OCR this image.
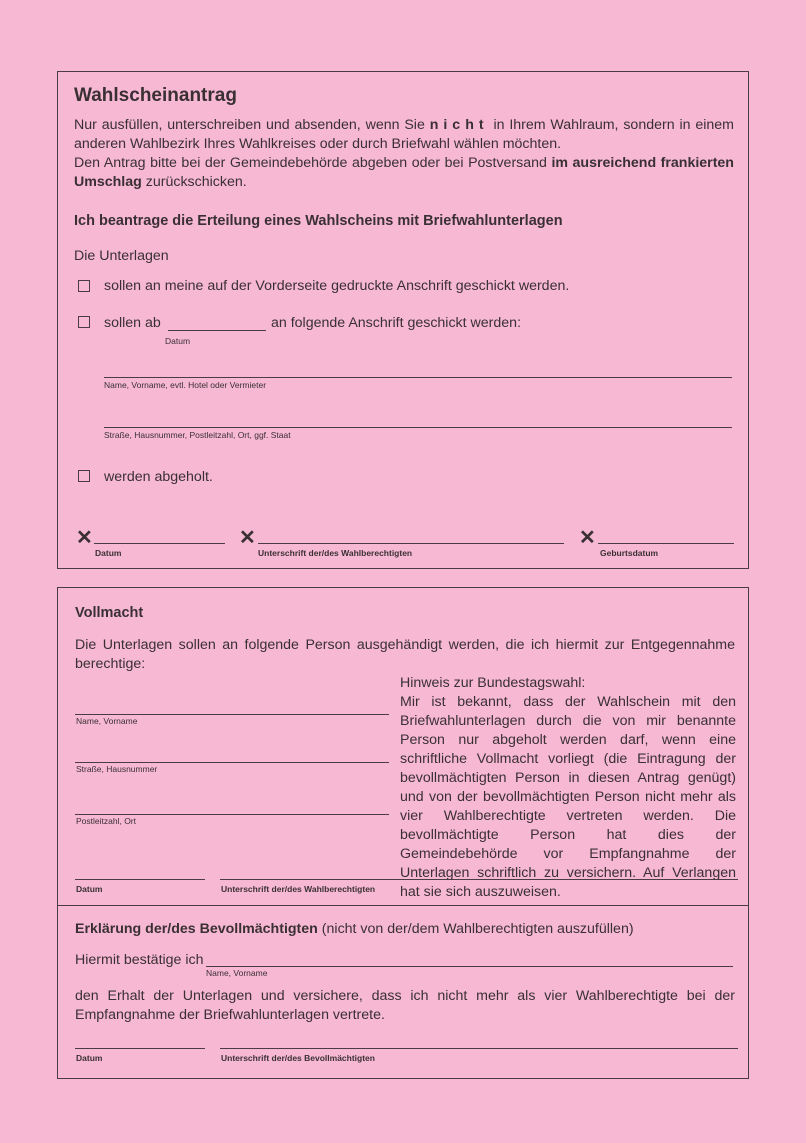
Wahlscheinantrag
Nur ausfüllen, unterschreiben und absenden, wenn Sie nicht in Ihrem Wahlraum, sondern in einem anderen Wahlbezirk Ihres Wahlkreises oder durch Briefwahl wählen möchten.
Den Antrag bitte bei der Gemeindebehörde abgeben oder bei Postversand im ausreichend frankierten Umschlag zurückschicken.
Ich beantrage die Erteilung eines Wahlscheins mit Briefwahlunterlagen
Die Unterlagen
sollen an meine auf der Vorderseite gedruckte Anschrift geschickt werden.
sollen ab
Datum
an folgende Anschrift geschickt werden:
Name, Vorname, evtl. Hotel oder Vermieter
Straße, Hausnummer, Postleitzahl, Ort, ggf. Staat
werden abgeholt.
✕
Datum
✕
Unterschrift der/des Wahlberechtigten
✕
Geburtsdatum
Vollmacht
Die Unterlagen sollen an folgende Person ausgehändigt werden, die ich hiermit zur Entgegennahme berechtige:
Name, Vorname
Straße, Hausnummer
Postleitzahl, Ort
Hinweis zur Bundestagswahl:
Mir ist bekannt, dass der Wahlschein mit den Briefwahlunterlagen durch die von mir benannte Person nur abgeholt werden darf, wenn eine schriftliche Vollmacht vorliegt (die Eintragung der bevollmächtigten Person in diesen Antrag genügt) und von der bevollmächtigten Person nicht mehr als vier Wahlberechtigte vertreten werden. Die bevollmächtigte Person hat dies der Gemeindebehörde vor Empfangnahme der Unterlagen schriftlich zu versichern. Auf Verlangen hat sie sich auszuweisen.
Datum	Unterschrift der/des Wahlberechtigten
Erklärung der/des Bevollmächtigten (nicht von der/dem Wahlberechtigten auszufüllen)
Hiermit bestätige ich
Name, Vorname
den Erhalt der Unterlagen und versichere, dass ich nicht mehr als vier Wahlberechtigte bei der Empfangnahme der Briefwahlunterlagen vertrete.
Datum	Unterschrift der/des Bevollmächtigten
